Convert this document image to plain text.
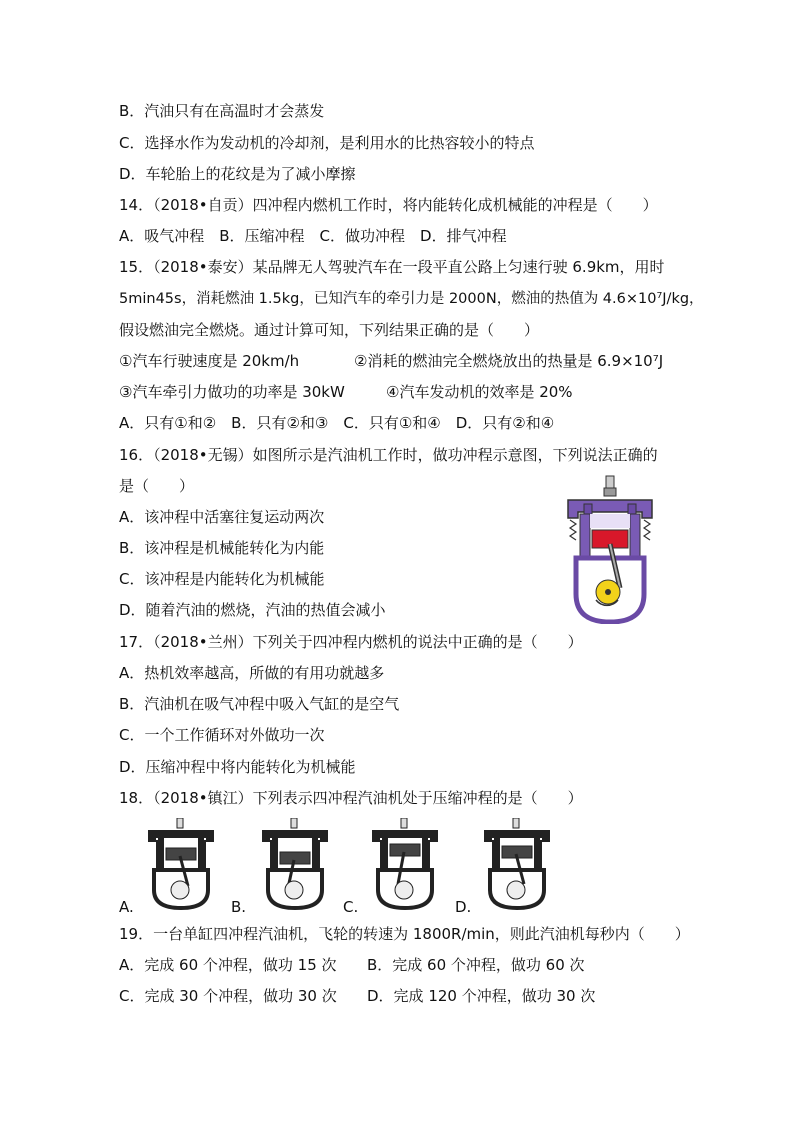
B．汽油只有在高温时才会蒸发
C．选择水作为发动机的冷却剂，是利用水的比热容较小的特点
D．车轮胎上的花纹是为了减小摩擦
14．（2018•自贡）四冲程内燃机工作时，将内能转化成机械能的冲程是（　　）
A．吸气冲程　B．压缩冲程　C．做功冲程　D．排气冲程
15．（2018•泰安）某品牌无人驾驶汽车在一段平直公路上匀速行驶 6.9km，用时
5min45s，消耗燃油 1.5kg，已知汽车的牵引力是 2000N，燃油的热值为 4.6×10⁷J/kg，
假设燃油完全燃烧。通过计算可知，下列结果正确的是（　　）
①汽车行驶速度是 20km/h	②消耗的燃油完全燃烧放出的热量是 6.9×10⁷J
③汽车牵引力做功的功率是 30kW	④汽车发动机的效率是 20%
A．只有①和②　B．只有②和③　C．只有①和④　D．只有②和④
16．（2018•无锡）如图所示是汽油机工作时，做功冲程示意图，下列说法正确的
是（　　）
A．该冲程中活塞往复运动两次
B．该冲程是机械能转化为内能
C．该冲程是内能转化为机械能
D．随着汽油的燃烧，汽油的热值会减小
17．（2018•兰州）下列关于四冲程内燃机的说法中正确的是（　　）
A．热机效率越高，所做的有用功就越多
B．汽油机在吸气冲程中吸入气缸的是空气
C．一个工作循环对外做功一次
D．压缩冲程中将内能转化为机械能
18．（2018•镇江）下列表示四冲程汽油机处于压缩冲程的是（　　）
A.	B.	C.	D.
19．一台单缸四冲程汽油机，飞轮的转速为 1800R/min，则此汽油机每秒内（　　）
A．完成 60 个冲程，做功 15 次 B．完成 60 个冲程，做功 60 次
C．完成 30 个冲程，做功 30 次 D．完成 120 个冲程，做功 30 次
